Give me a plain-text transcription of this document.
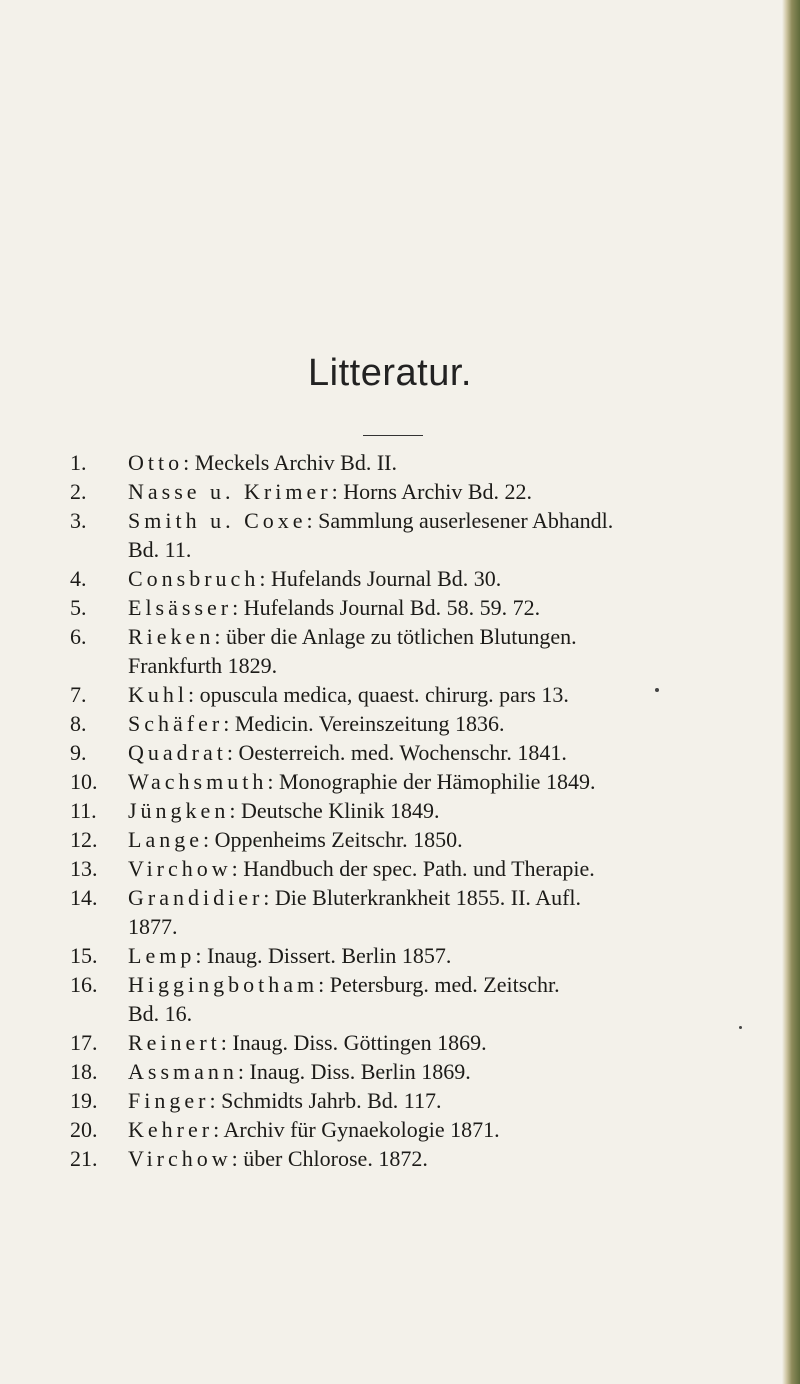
Litteratur.
1.	Otto: Meckels Archiv Bd. II.
2.	Nasse u. Krimer: Horns Archiv Bd. 22.
3.	Smith u. Coxe: Sammlung auserlesener Abhandl.
Bd. 11.
4.	Consbruch: Hufelands Journal Bd. 30.
5.	Elsässer: Hufelands Journal Bd. 58. 59. 72.
6.	Rieken: über die Anlage zu tötlichen Blutungen.
Frankfurth 1829.
7.	Kuhl: opuscula medica, quaest. chirurg. pars 13.
8.	Schäfer: Medicin. Vereinszeitung 1836.
9.	Quadrat: Oesterreich. med. Wochenschr. 1841.
10.	Wachsmuth: Monographie der Hämophilie 1849.
11.	Jüngken: Deutsche Klinik 1849.
12.	Lange: Oppenheims Zeitschr. 1850.
13.	Virchow: Handbuch der spec. Path. und Therapie.
14.	Grandidier: Die Bluterkrankheit 1855. II. Aufl.
1877.
15.	Lemp: Inaug. Dissert. Berlin 1857.
16.	Higgingbotham: Petersburg. med. Zeitschr.
Bd. 16.
17.	Reinert: Inaug. Diss. Göttingen 1869.
18.	Assmann: Inaug. Diss. Berlin 1869.
19.	Finger: Schmidts Jahrb. Bd. 117.
20.	Kehrer: Archiv für Gynaekologie 1871.
21.	Virchow: über Chlorose. 1872.
